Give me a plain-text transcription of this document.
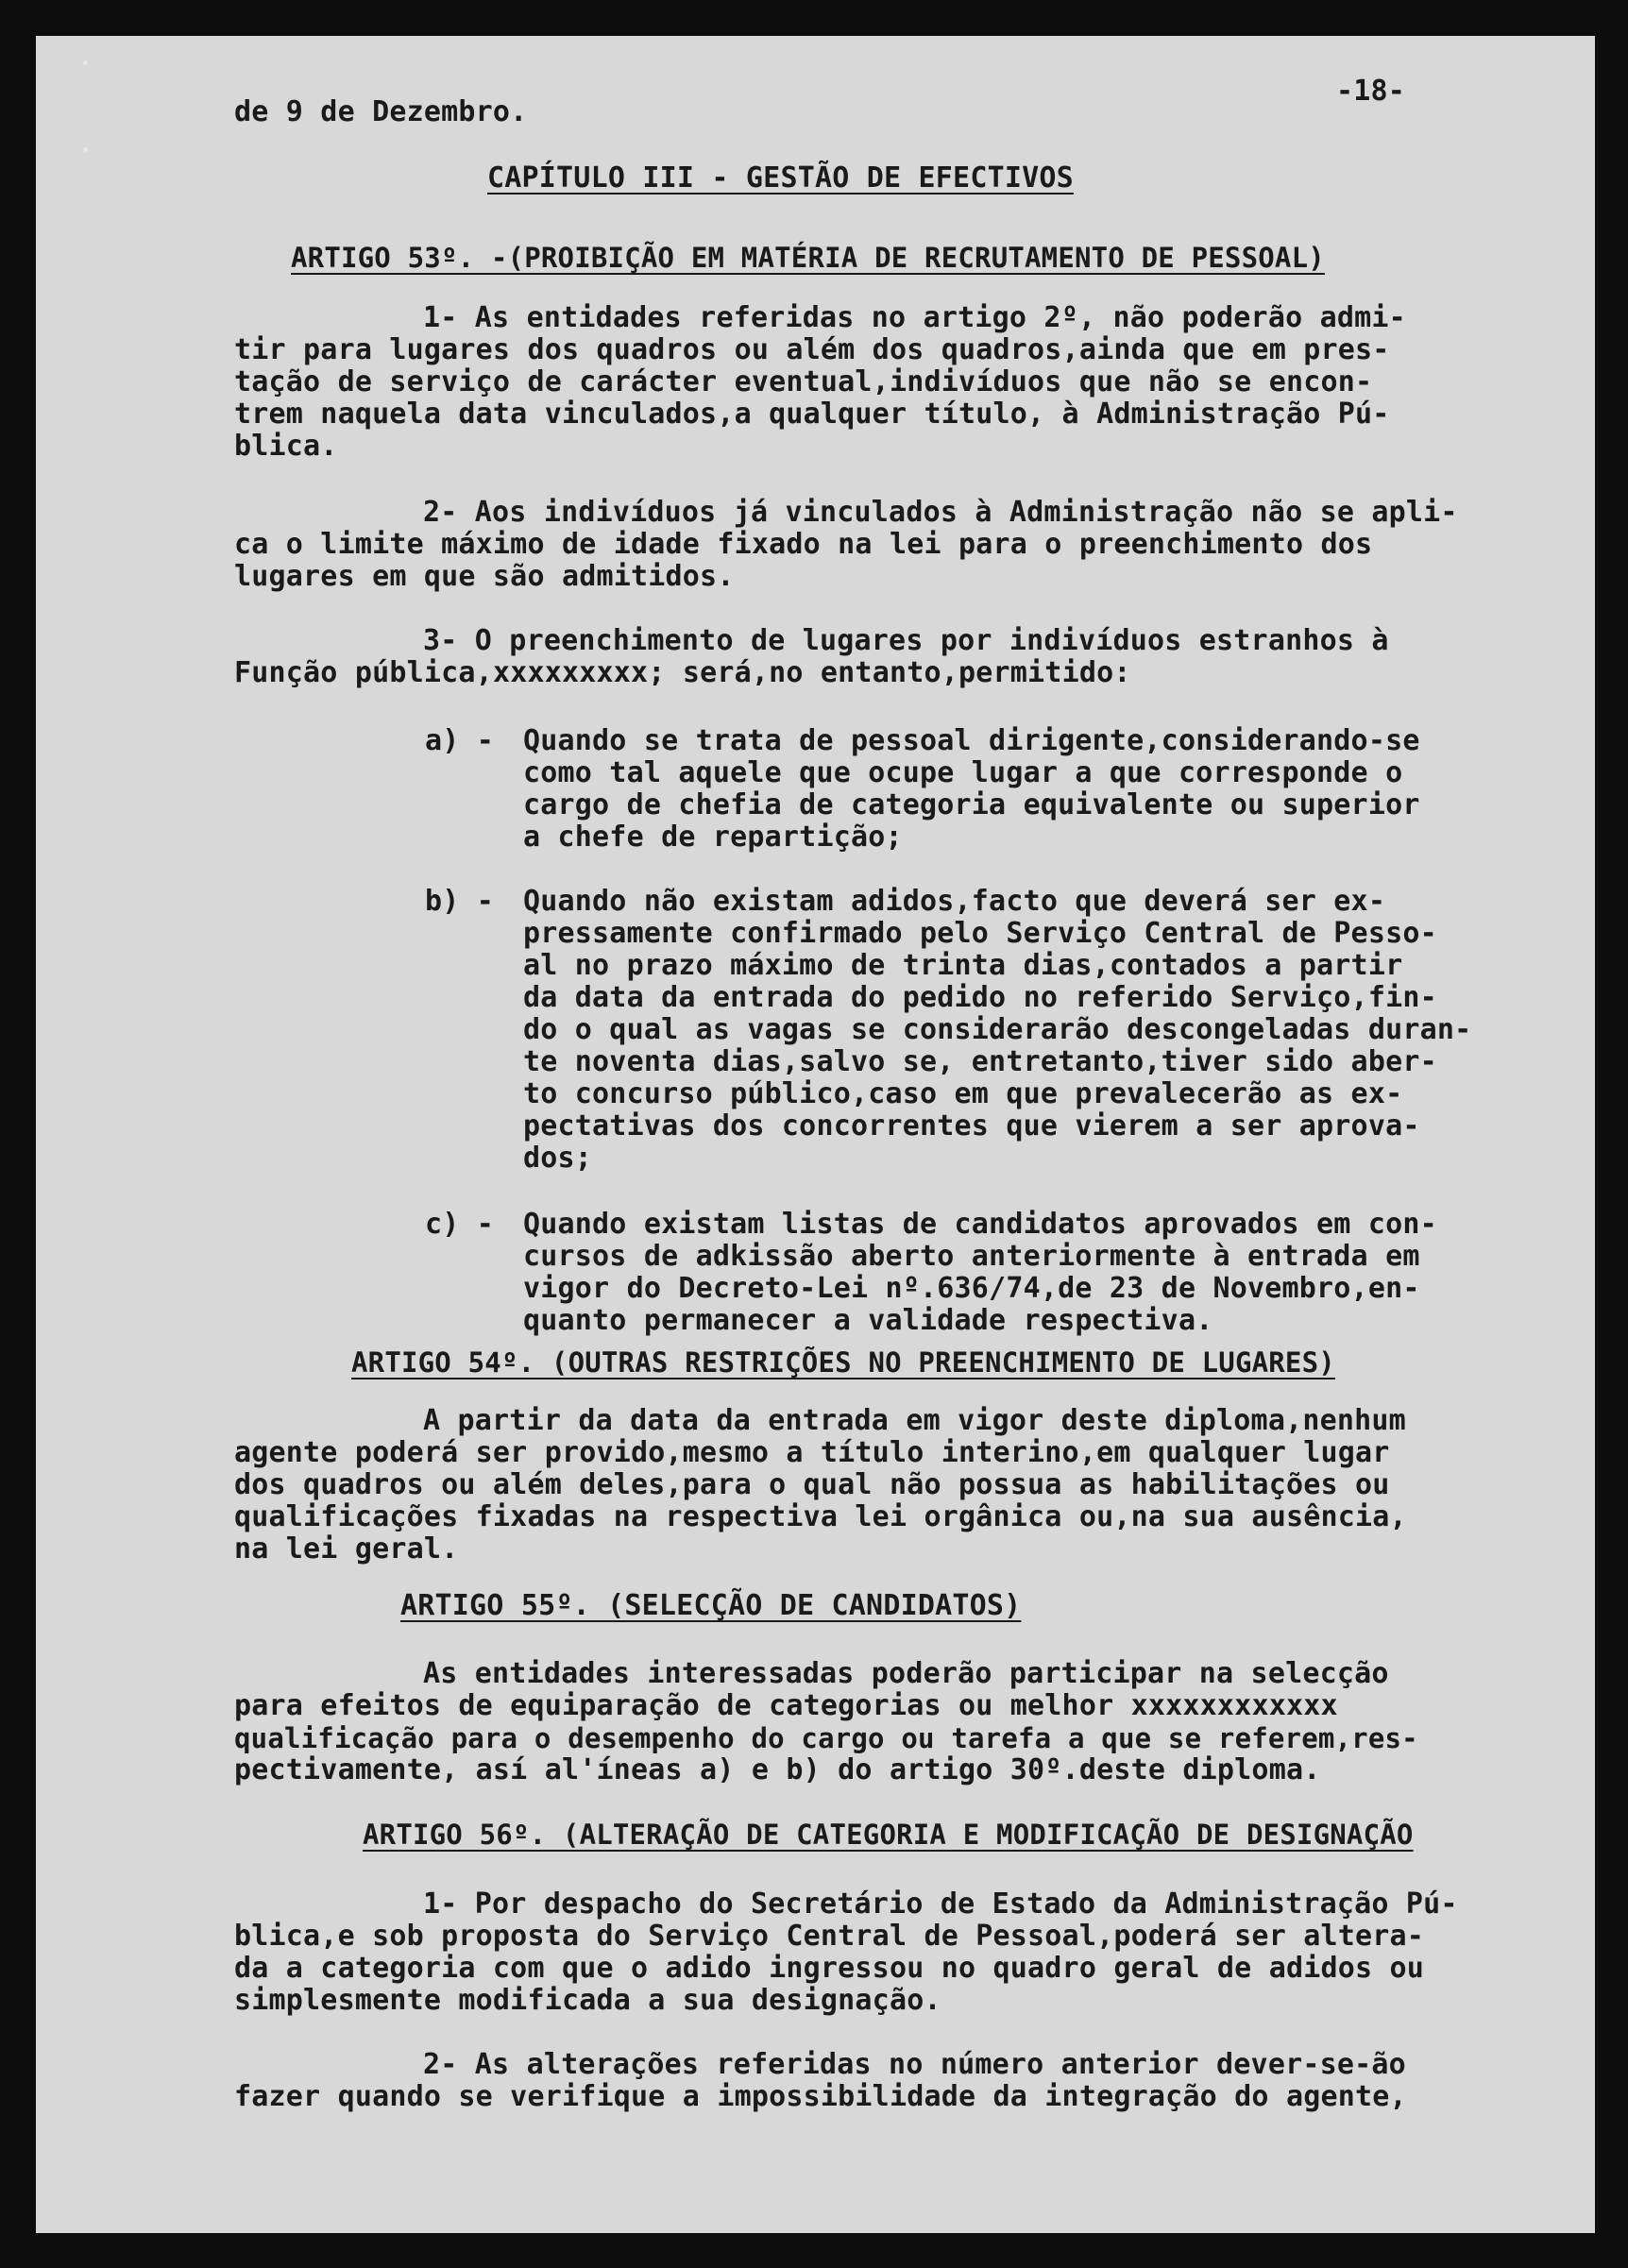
-18-
de 9 de Dezembro.
CAPÍTULO III - GESTÃO DE EFECTIVOS
ARTIGO 53º. -(PROIBIÇÃO EM MATÉRIA DE RECRUTAMENTO DE PESSOAL)
1- As entidades referidas no artigo 2º, não poderão admi-
tir para lugares dos quadros ou além dos quadros,ainda que em pres-
tação de serviço de carácter eventual,indivíduos que não se encon-
trem naquela data vinculados,a qualquer título, à Administração Pú-
blica.
2- Aos indivíduos já vinculados à Administração não se apli-
ca o limite máximo de idade fixado na lei para o preenchimento dos
lugares em que são admitidos.
3- O preenchimento de lugares por indivíduos estranhos à
Função pública,xxxxxxxxx; será,no entanto,permitido:
a) - Quando se trata de pessoal dirigente,considerando-se
como tal aquele que ocupe lugar a que corresponde o
cargo de chefia de categoria equivalente ou superior
a chefe de repartição;
b) - Quando não existam adidos,facto que deverá ser ex-
pressamente confirmado pelo Serviço Central de Pesso-
al no prazo máximo de trinta dias,contados a partir
da data da entrada do pedido no referido Serviço,fin-
do o qual as vagas se considerarão descongeladas duran-
te noventa dias,salvo se, entretanto,tiver sido aber-
to concurso público,caso em que prevalecerão as ex-
pectativas dos concorrentes que vierem a ser aprova-
dos;
c) - Quando existam listas de candidatos aprovados em con-
cursos de adkissão aberto anteriormente à entrada em
vigor do Decreto-Lei nº.636/74,de 23 de Novembro,en-
quanto permanecer a validade respectiva.
ARTIGO 54º. (OUTRAS RESTRIÇÕES NO PREENCHIMENTO DE LUGARES)
A partir da data da entrada em vigor deste diploma,nenhum
agente poderá ser provido,mesmo a título interino,em qualquer lugar
dos quadros ou além deles,para o qual não possua as habilitações ou
qualificações fixadas na respectiva lei orgânica ou,na sua ausência,
na lei geral.
ARTIGO 55º. (SELECÇÃO DE CANDIDATOS)
As entidades interessadas poderão participar na selecção
para efeitos de equiparação de categorias ou melhor xxxxxxxxxxxx
qualificação para o desempenho do cargo ou tarefa a que se referem,res-
pectivamente, así al'íneas a) e b) do artigo 30º.deste diploma.
ARTIGO 56º. (ALTERAÇÃO DE CATEGORIA E MODIFICAÇÃO DE DESIGNAÇÃO
1- Por despacho do Secretário de Estado da Administração Pú-
blica,e sob proposta do Serviço Central de Pessoal,poderá ser altera-
da a categoria com que o adido ingressou no quadro geral de adidos ou
simplesmente modificada a sua designação.
2- As alterações referidas no número anterior dever-se-ão
fazer quando se verifique a impossibilidade da integração do agente,
